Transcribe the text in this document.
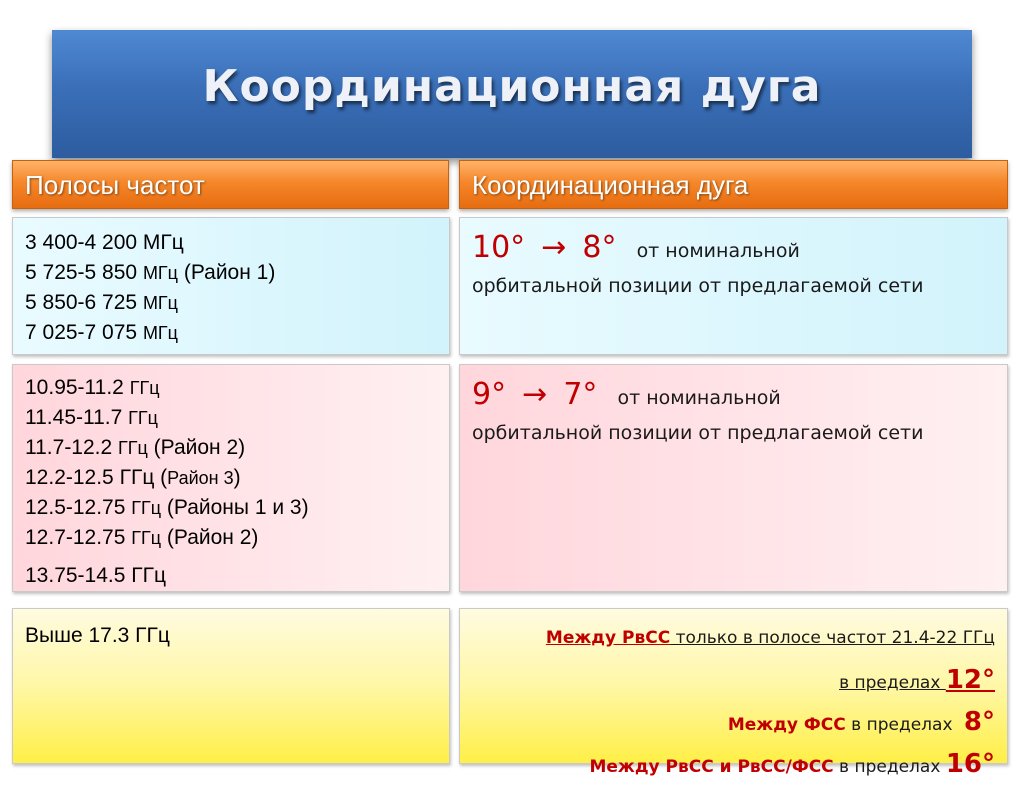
Координационная дуга
Полосы частот	Координационная дуга
3 400-4 200 МГц
5 725-5 850 МГц (Район 1)
5 850-6 725 МГц
7 025-7 075 МГц
10° → 8° от номинальной
орбитальной позиции от предлагаемой сети
10.95-11.2 ГГц
11.45-11.7 ГГц
11.7-12.2 ГГц (Район 2)
12.2-12.5 ГГц (Район 3)
12.5-12.75 ГГц (Районы 1 и 3)
12.7-12.75 ГГц (Район 2)
13.75-14.5 ГГц
9° → 7° от номинальной
орбитальной позиции от предлагаемой сети
Выше 17.3 ГГц	Между РвСС только в полосе частот 21.4-22 ГГц
в пределах 12°
Между ФСС в пределах 8°
Между РвСС и РвСС/ФСС в пределах 16°
